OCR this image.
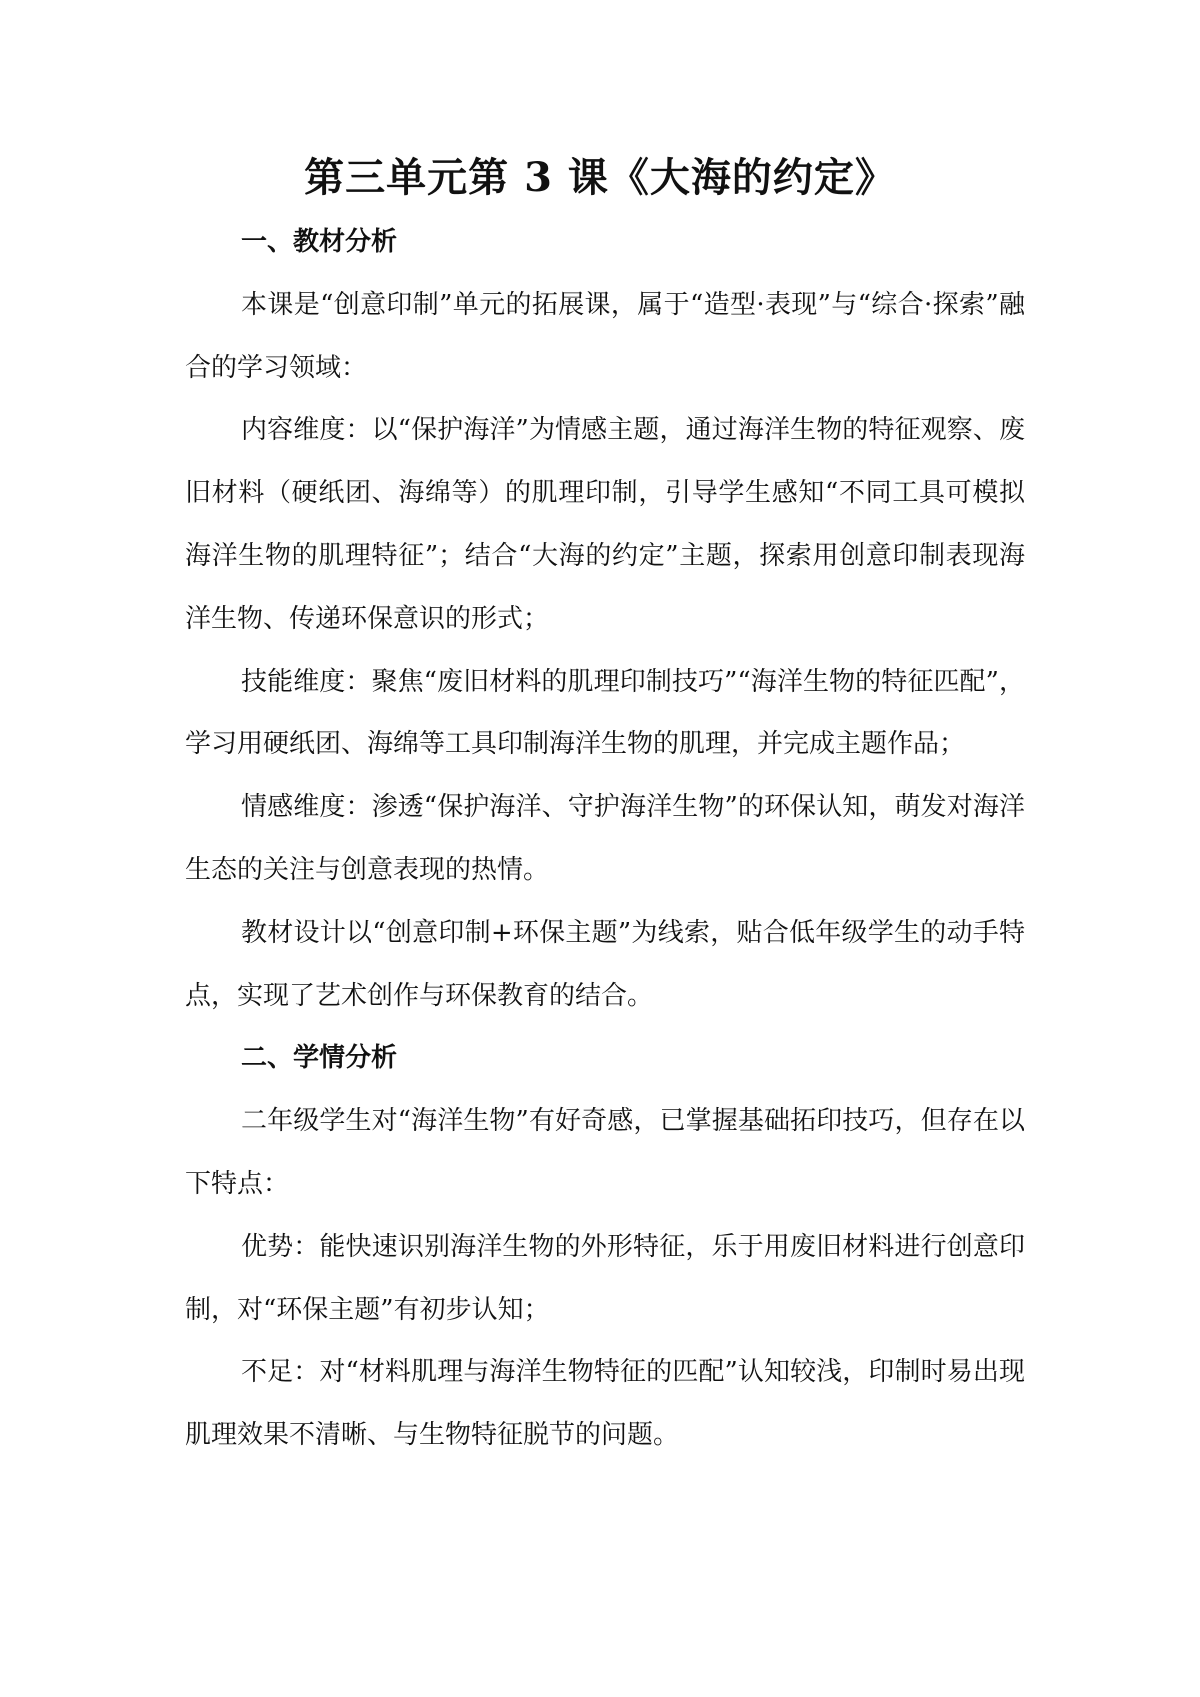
第三单元第 3 课《大海的约定》

一、教材分析

本课是“创意印制”单元的拓展课，属于“造型·表现”与“综合·探索”融合的学习领域：

内容维度：以“保护海洋”为情感主题，通过海洋生物的特征观察、废旧材料（硬纸团、海绵等）的肌理印制，引导学生感知“不同工具可模拟海洋生物的肌理特征”；结合“大海的约定”主题，探索用创意印制表现海洋生物、传递环保意识的形式；

技能维度：聚焦“废旧材料的肌理印制技巧”“海洋生物的特征匹配”，学习用硬纸团、海绵等工具印制海洋生物的肌理，并完成主题作品；

情感维度：渗透“保护海洋、守护海洋生物”的环保认知，萌发对海洋生态的关注与创意表现的热情。

教材设计以“创意印制+环保主题”为线索，贴合低年级学生的动手特点，实现了艺术创作与环保教育的结合。

二、学情分析

二年级学生对“海洋生物”有好奇感，已掌握基础拓印技巧，但存在以下特点：

优势：能快速识别海洋生物的外形特征，乐于用废旧材料进行创意印制，对“环保主题”有初步认知；

不足：对“材料肌理与海洋生物特征的匹配”认知较浅，印制时易出现肌理效果不清晰、与生物特征脱节的问题。
